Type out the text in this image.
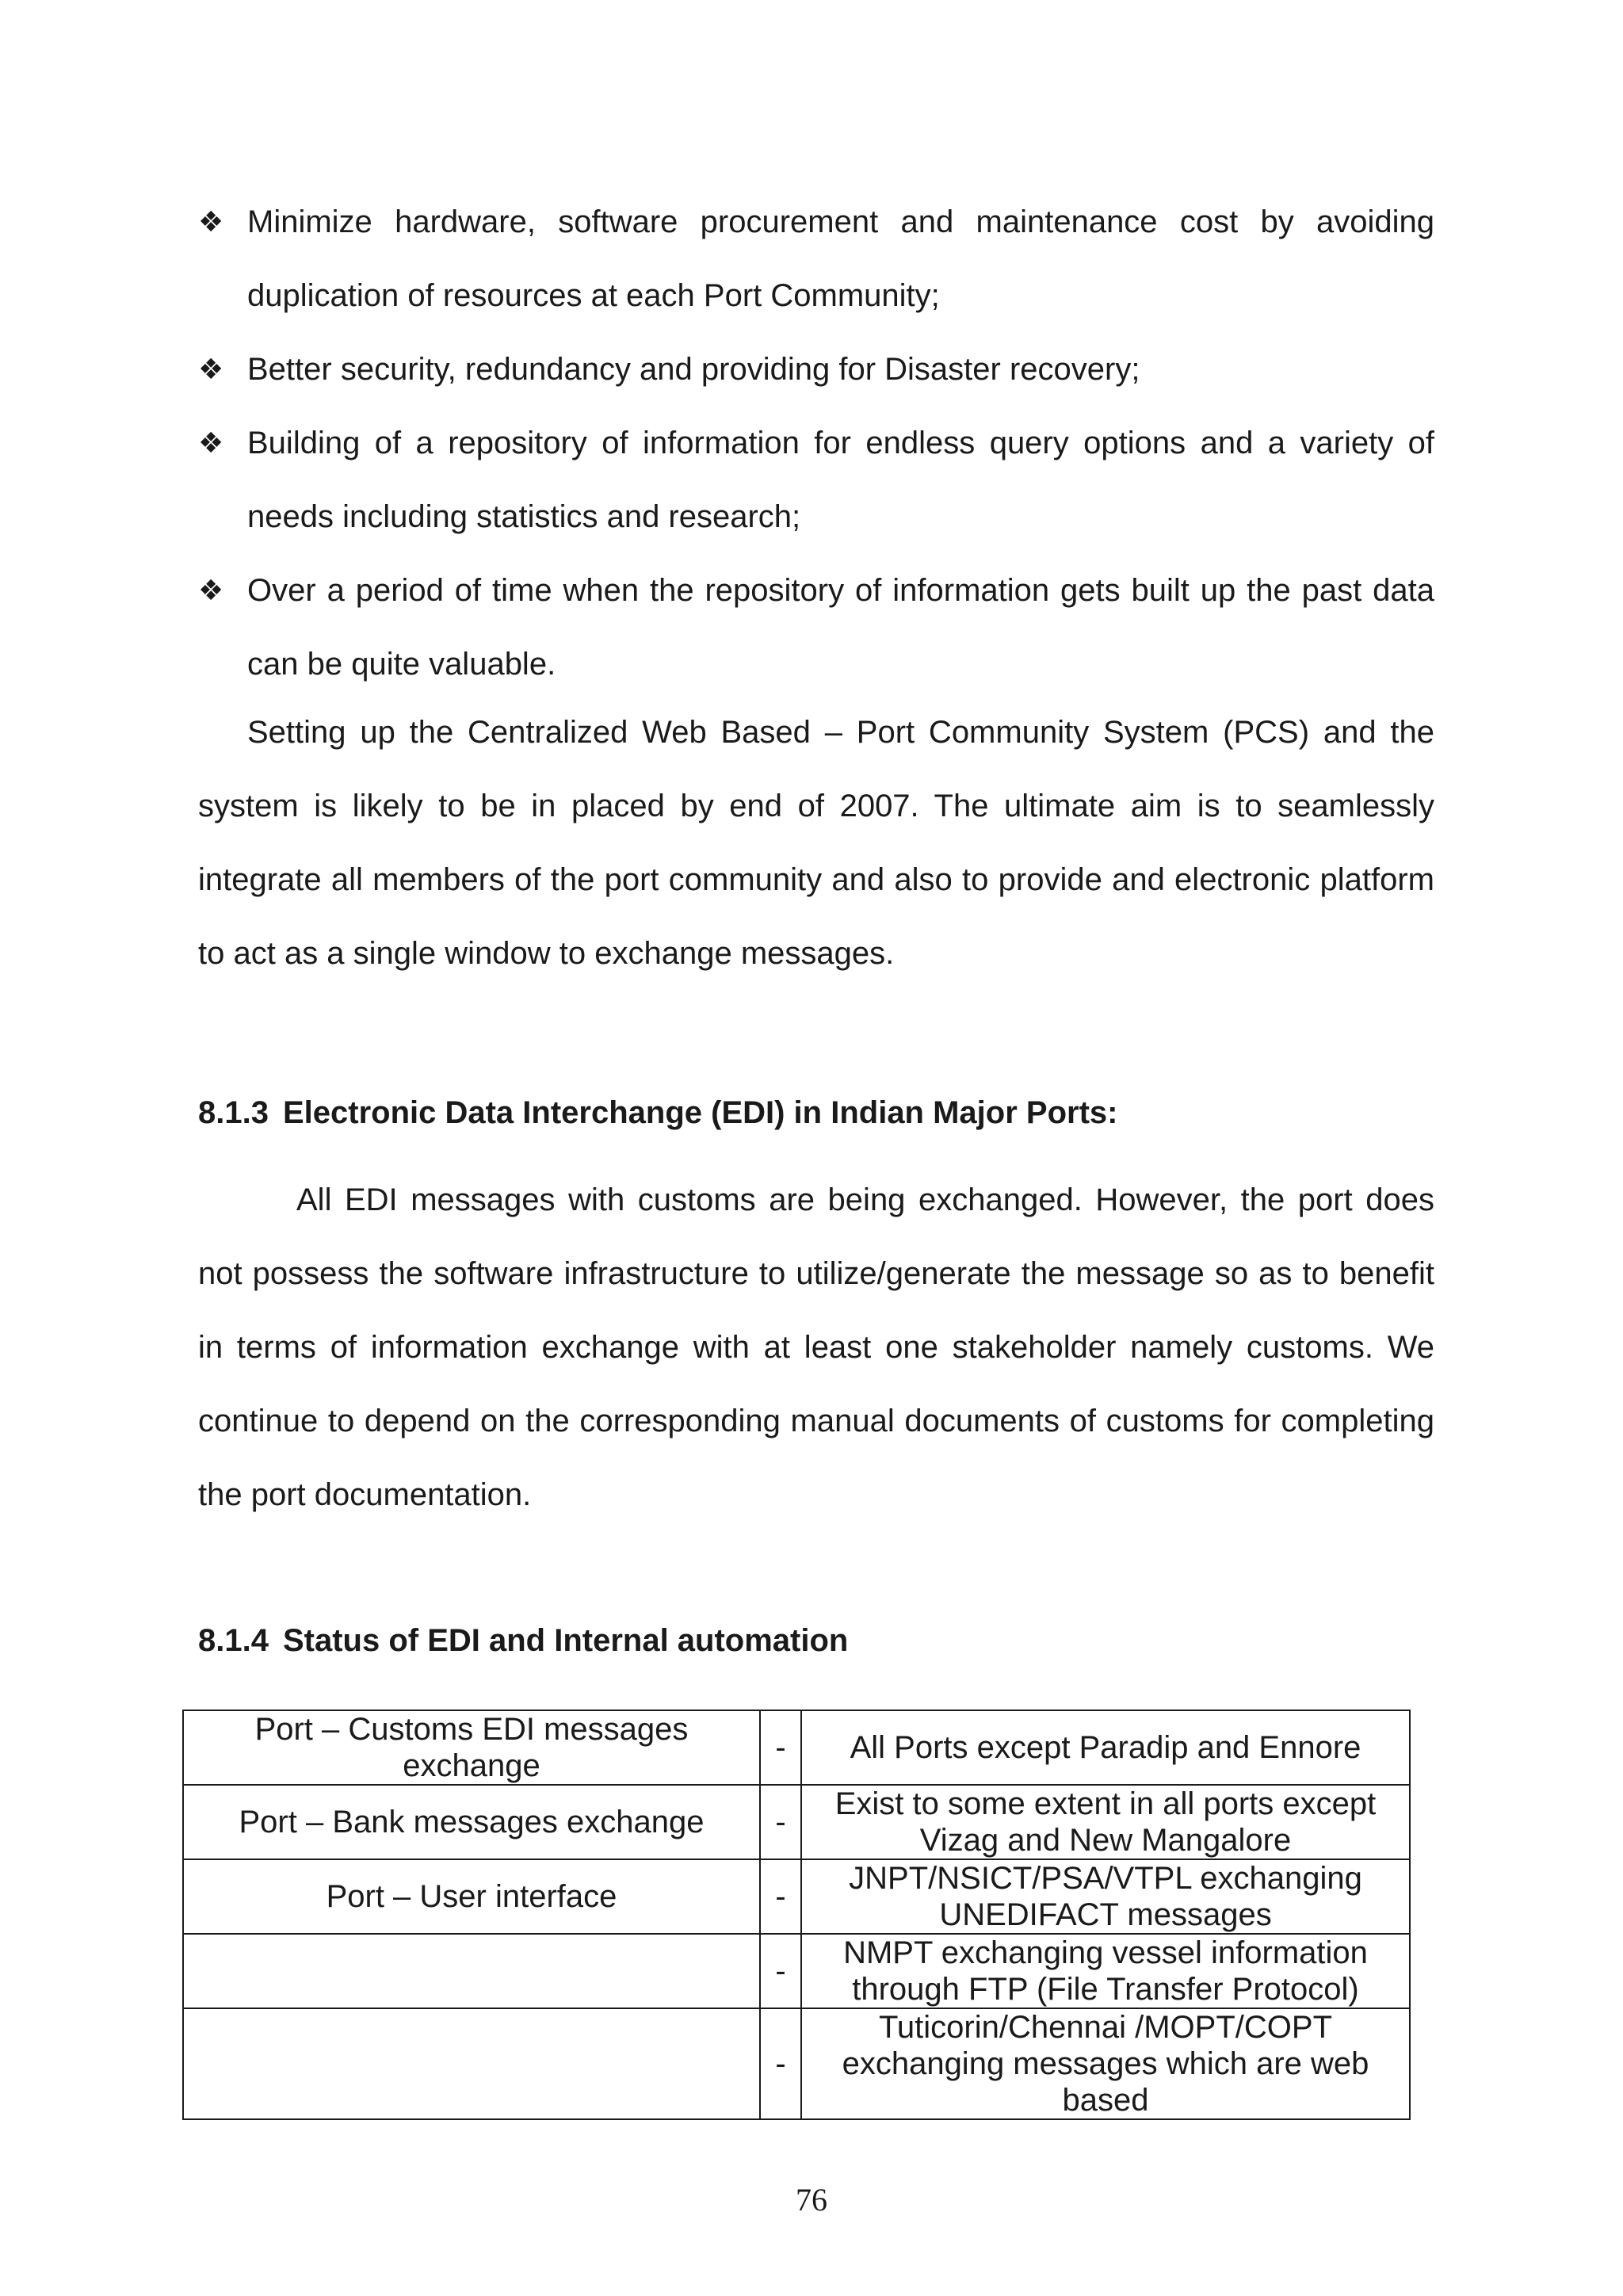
❖ Minimize hardware, software procurement and maintenance cost by avoiding duplication of resources at each Port Community;
❖ Better security, redundancy and providing for Disaster recovery;
❖ Building of a repository of information for endless query options and a variety of needs including statistics and research;
❖ Over a period of time when the repository of information gets built up the past data can be quite valuable.

Setting up the Centralized Web Based – Port Community System (PCS) and the system is likely to be in placed by end of 2007. The ultimate aim is to seamlessly integrate all members of the port community and also to provide and electronic platform to act as a single window to exchange messages.

8.1.3 Electronic Data Interchange (EDI) in Indian Major Ports:

All EDI messages with customs are being exchanged. However, the port does not possess the software infrastructure to utilize/generate the message so as to benefit in terms of information exchange with at least one stakeholder namely customs. We continue to depend on the corresponding manual documents of customs for completing the port documentation.

8.1.4 Status of EDI and Internal automation
Port – Customs EDI messages exchange	-	All Ports except Paradip and Ennore
Port – Bank messages exchange	-	Exist to some extent in all ports except Vizag and New Mangalore
Port – User interface	-	JNPT/NSICT/PSA/VTPL exchanging UNEDIFACT messages
	-	NMPT exchanging vessel information through FTP (File Transfer Protocol)
	-	Tuticorin/Chennai /MOPT/COPT exchanging messages which are web based
76
